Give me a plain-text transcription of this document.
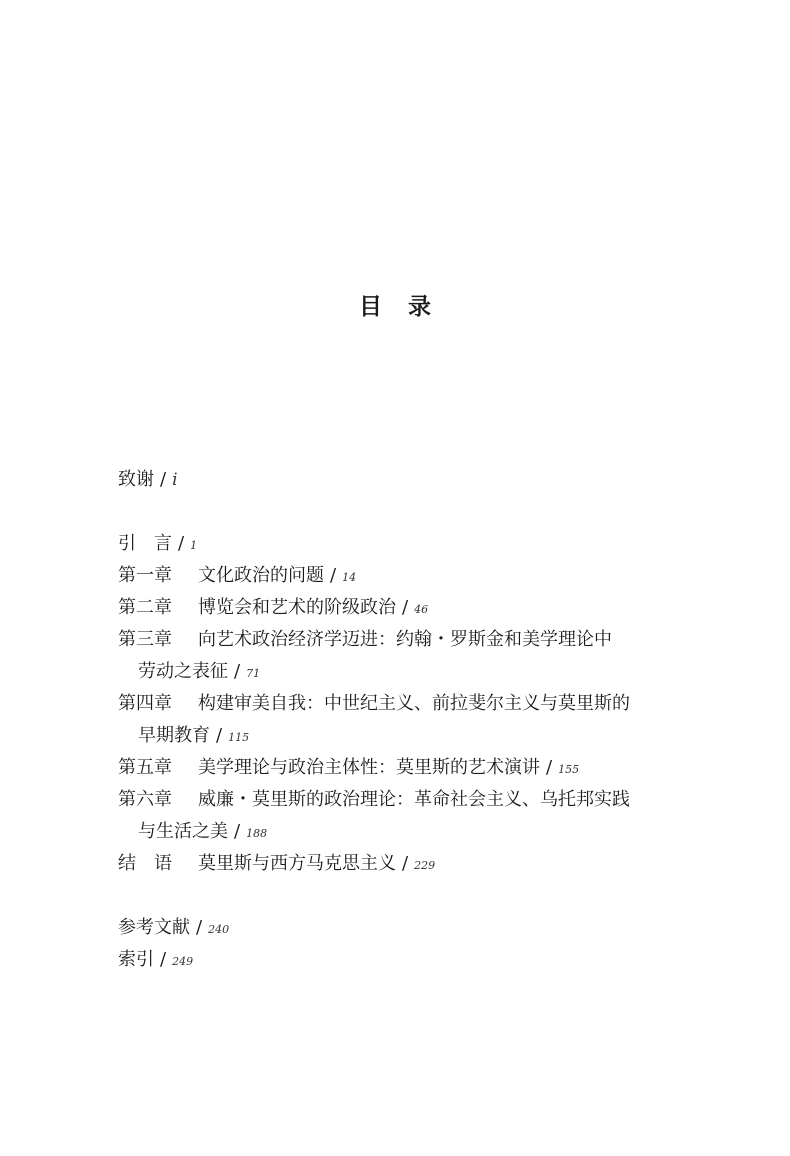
目 录
致谢 / i
引　言 / 1
第一章 文化政治的问题 / 14
第二章 博览会和艺术的阶级政治 / 46
第三章 向艺术政治经济学迈进：约翰・罗斯金和美学理论中
劳动之表征 / 71
第四章 构建审美自我：中世纪主义、前拉斐尔主义与莫里斯的
早期教育 / 115
第五章 美学理论与政治主体性：莫里斯的艺术演讲 / 155
第六章 威廉・莫里斯的政治理论：革命社会主义、乌托邦实践
与生活之美 / 188
结　语 莫里斯与西方马克思主义 / 229
参考文献 / 240
索引 / 249
